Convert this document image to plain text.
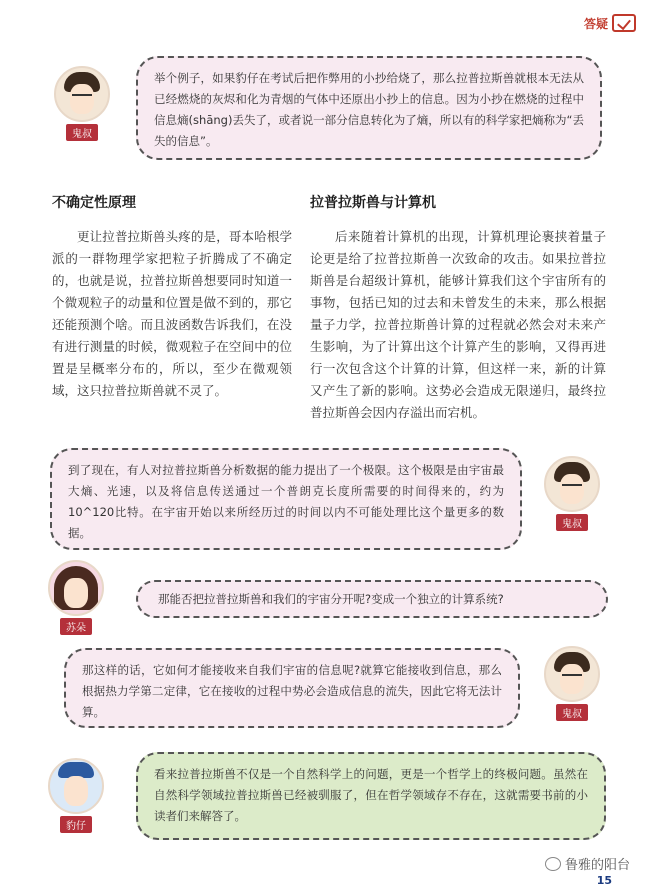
答疑
鬼叔
举个例子，如果豹仔在考试后把作弊用的小抄给烧了，那么拉普拉斯兽就根本无法从已经燃烧的灰烬和化为青烟的气体中还原出小抄上的信息。因为小抄在燃烧的过程中信息熵(shāng)丢失了，或者说一部分信息转化为了熵，所以有的科学家把熵称为“丢失的信息”。
不确定性原理

更让拉普拉斯兽头疼的是，哥本哈根学派的一群物理学家把粒子折腾成了不确定的，也就是说，拉普拉斯兽想要同时知道一个微观粒子的动量和位置是做不到的，那它还能预测个啥。而且波函数告诉我们，在没有进行测量的时候，微观粒子在空间中的位置是呈概率分布的，所以，至少在微观领域，这只拉普拉斯兽就不灵了。

拉普拉斯兽与计算机

后来随着计算机的出现，计算机理论裹挟着量子论更是给了拉普拉斯兽一次致命的攻击。如果拉普拉斯兽是台超级计算机，能够计算我们这个宇宙所有的事物，包括已知的过去和未曾发生的未来，那么根据量子力学，拉普拉斯兽计算的过程就必然会对未来产生影响，为了计算出这个计算产生的影响，又得再进行一次包含这个计算的计算，但这样一来，新的计算又产生了新的影响。这势必会造成无限递归，最终拉普拉斯兽会因内存溢出而宕机。

到了现在，有人对拉普拉斯兽分析数据的能力提出了一个极限。这个极限是由宇宙最大熵、光速，以及将信息传送通过一个普朗克长度所需要的时间得来的，约为10^120比特。在宇宙开始以来所经历过的时间以内不可能处理比这个量更多的数据。
鬼叔
苏朵
那能否把拉普拉斯兽和我们的宇宙分开呢?变成一个独立的计算系统?
那这样的话，它如何才能接收来自我们宇宙的信息呢?就算它能接收到信息，那么根据热力学第二定律，它在接收的过程中势必会造成信息的流失，因此它将无法计算。	鬼叔
豹仔
看来拉普拉斯兽不仅是一个自然科学上的问题，更是一个哲学上的终极问题。虽然在自然科学领域拉普拉斯兽已经被驯服了，但在哲学领域存不存在，这就需要书前的小读者们来解答了。
鲁雅的阳台
15
